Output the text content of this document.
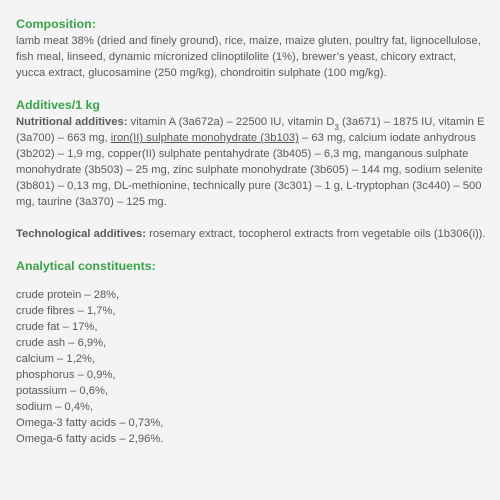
Composition:

lamb meat 38% (dried and finely ground), rice, maize, maize gluten, poultry fat, lignocellulose, fish meal, linseed, dynamic micronized clinoptilolite (1%), brewer’s yeast, chicory extract, yucca extract, glucosamine (250 mg/kg), chondroitin sulphate (100 mg/kg).

Additives/1 kg

Nutritional additives: vitamin A (3a672a) – 22500 IU, vitamin $D_3$ (3a671) – 1875 IU, vitamin E (3a700) – 663 mg, iron(II) sulphate monohydrate (3b103) – 63 mg, calcium iodate anhydrous (3b202) – 1,9 mg, copper(II) sulphate pentahydrate (3b405) – 6,3 mg, manganous sulphate monohydrate (3b503) – 25 mg, zinc sulphate monohydrate (3b605) – 144 mg, sodium selenite (3b801) – 0,13 mg, DL-methionine, technically pure (3c301) – 1 g, L-tryptophan (3c440) – 500 mg, taurine (3a370) – 125 mg.

Technological additives: rosemary extract, tocopherol extracts from vegetable oils (1b306(i)).

Analytical constituents:
crude protein – 28%,
crude fibres – 1,7%,
crude fat – 17%,
crude ash – 6,9%,
calcium – 1,2%,
phosphorus – 0,9%,
potassium – 0,6%,
sodium – 0,4%,
Omega-3 fatty acids – 0,73%,
Omega-6 fatty acids – 2,96%.
